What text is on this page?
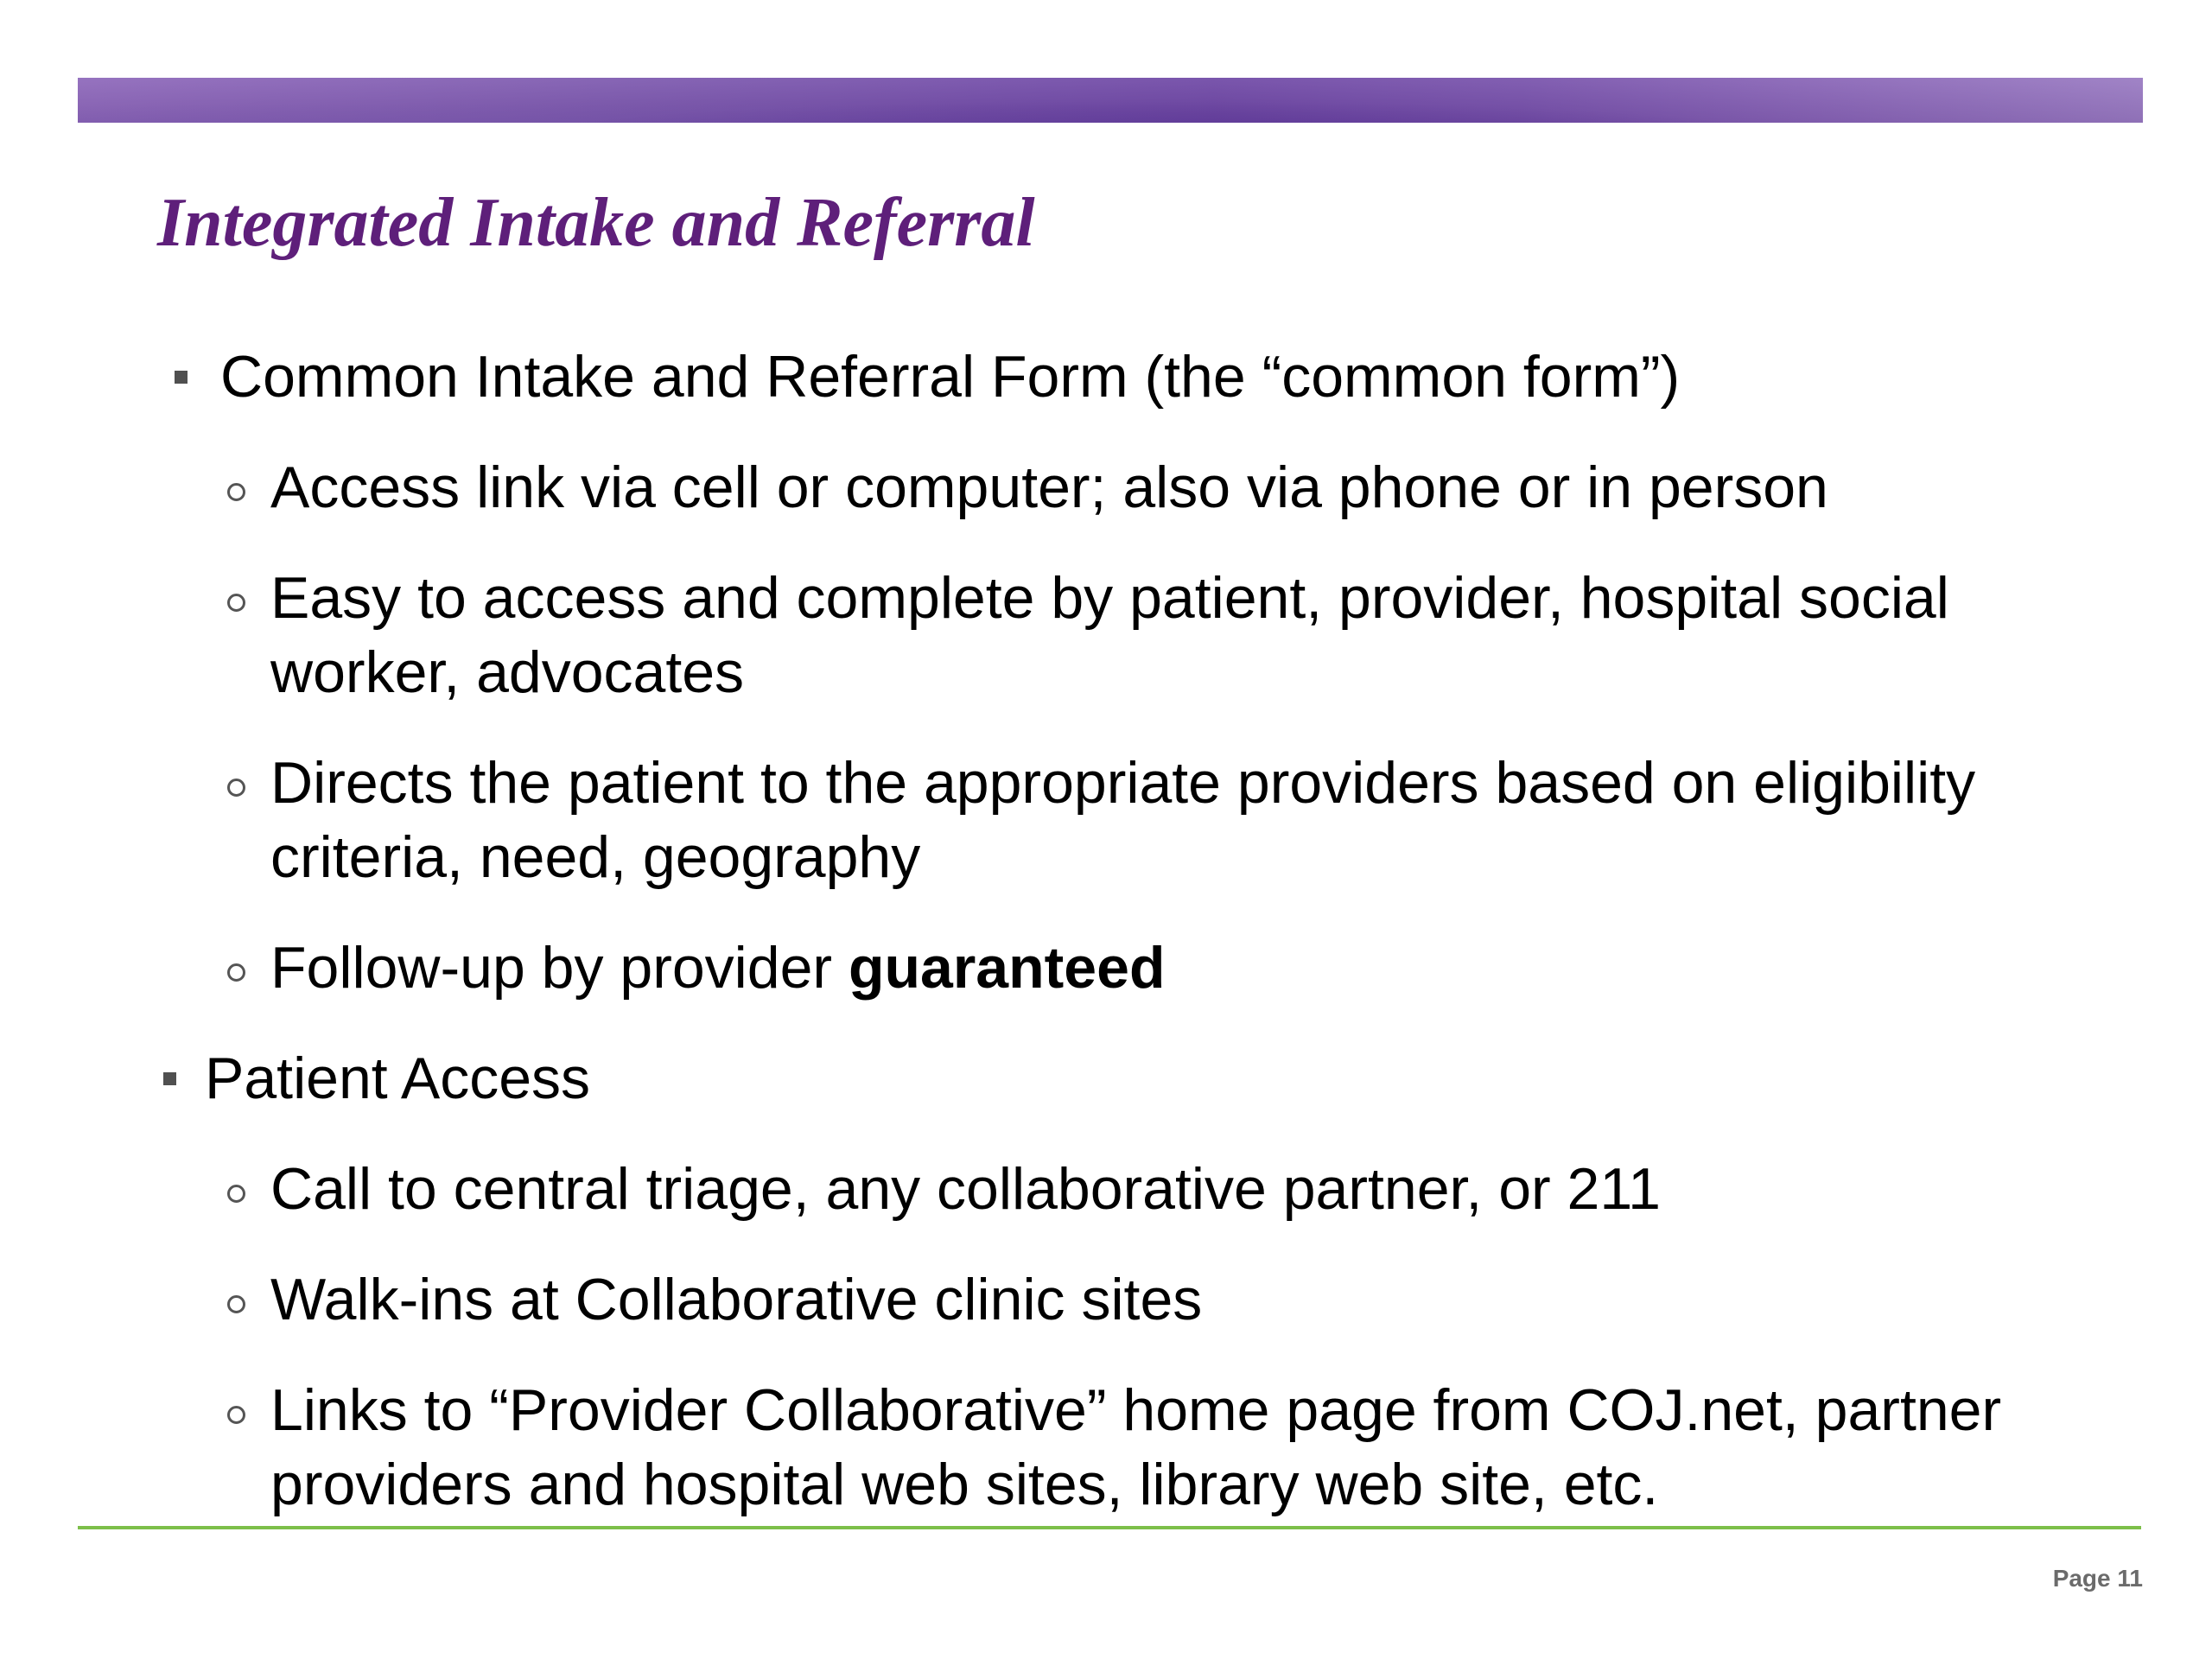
Integrated Intake and Referral
Common Intake and Referral Form (the “common form”)
Access link via cell or computer; also via phone or in person
Easy to access and complete by patient, provider, hospital social
worker, advocates
Directs the patient to the appropriate providers based on eligibility
criteria, need, geography
Follow-up by provider guaranteed
Patient Access
Call to central triage, any collaborative partner, or 211
Walk-ins at Collaborative clinic sites
Links to “Provider Collaborative” home page from COJ.net, partner
providers and hospital web sites, library web site, etc.
Page 11
